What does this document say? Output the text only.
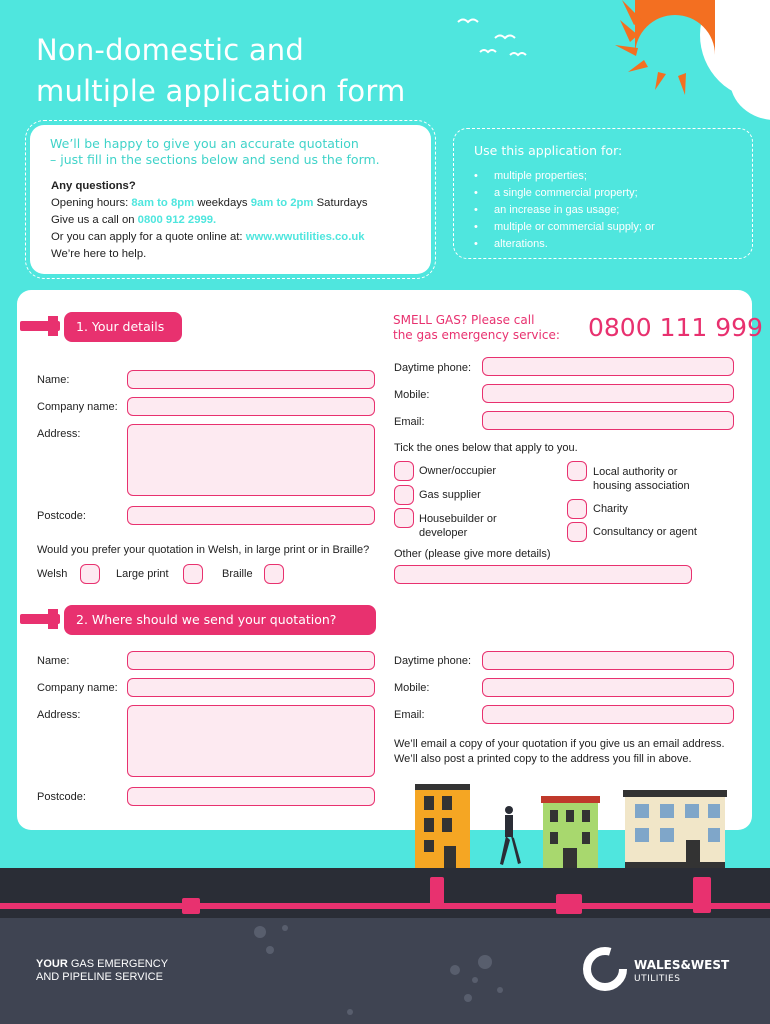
Non-domestic and
multiple application form
We’ll be happy to give you an accurate quotation
– just fill in the sections below and send us the form.
Any questions?
Opening hours: 8am to 8pm weekdays 9am to 2pm Saturdays
Give us a call on 0800 912 2999.
Or you can apply for a quote online at: www.wwutilities.co.uk
We’re here to help.
Use this application for:
• multiple properties;
• a single commercial property;
• an increase in gas usage;
• multiple or commercial supply; or
• alterations.
1. Your details	SMELL GAS? Please call
the gas emergency service: 0800 111 999
Name:
Company name:
Address:
Postcode:
Would you prefer your quotation in Welsh, in large print or in Braille?
Welsh	Large print	Braille
Daytime phone:
Mobile:
Email:
Tick the ones below that apply to you.
Owner/occupier
Gas supplier
Housebuilder or
developer
Local authority or
housing association
Charity
Consultancy or agent
Other (please give more details)
2. Where should we send your quotation?
Name:
Company name:
Address:
Postcode:
Daytime phone:
Mobile:
Email:
We’ll email a copy of your quotation if you give us an email address.
We’ll also post a printed copy to the address you fill in above.
YOUR GAS EMERGENCY
AND PIPELINE SERVICE
WALES&WEST
UTILITIES
